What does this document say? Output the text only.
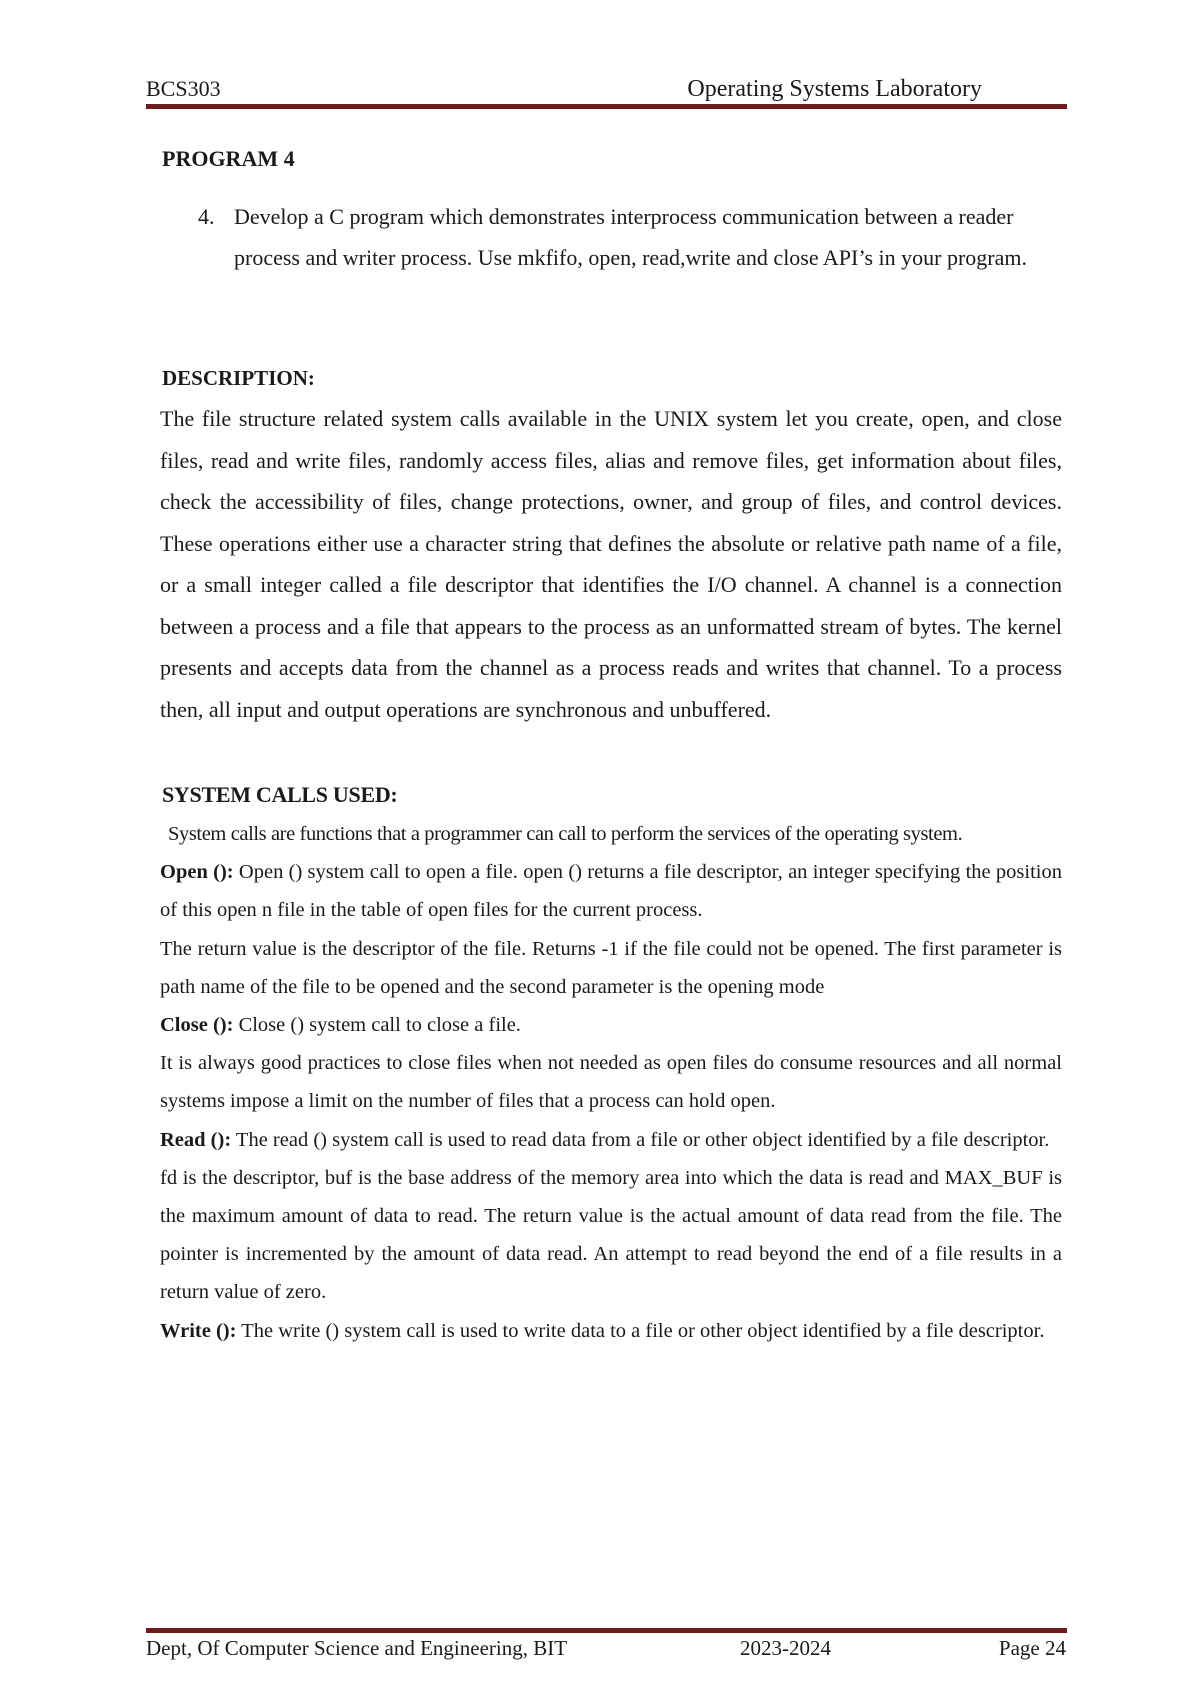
BCS303	Operating Systems Laboratory
PROGRAM 4
4. Develop a C program which demonstrates interprocess communication between a reader process and writer process. Use mkfifo, open, read,write and close API’s in your program.
DESCRIPTION:
The file structure related system calls available in the UNIX system let you create, open, and close files, read and write files, randomly access files, alias and remove files, get information about files, check the accessibility of files, change protections, owner, and group of files, and control devices. These operations either use a character string that defines the absolute or relative path name of a file, or a small integer called a file descriptor that identifies the I/O channel. A channel is a connection between a process and a file that appears to the process as an unformatted stream of bytes. The kernel presents and accepts data from the channel as a process reads and writes that channel. To a process then, all input and output operations are synchronous and unbuffered.
SYSTEM CALLS USED:

System calls are functions that a programmer can call to perform the services of the operating system.

Open (): Open () system call to open a file. open () returns a file descriptor, an integer specifying the position of this open n file in the table of open files for the current process.

The return value is the descriptor of the file. Returns -1 if the file could not be opened. The first parameter is path name of the file to be opened and the second parameter is the opening mode

Close (): Close () system call to close a file.

It is always good practices to close files when not needed as open files do consume resources and all normal systems impose a limit on the number of files that a process can hold open.

Read (): The read () system call is used to read data from a file or other object identified by a file descriptor.

fd is the descriptor, buf is the base address of the memory area into which the data is read and MAX_BUF is the maximum amount of data to read. The return value is the actual amount of data read from the file. The pointer is incremented by the amount of data read. An attempt to read beyond the end of a file results in a return value of zero.

Write (): The write () system call is used to write data to a file or other object identified by a file descriptor.

Dept, Of Computer Science and Engineering, BIT	2023-2024	Page 24
